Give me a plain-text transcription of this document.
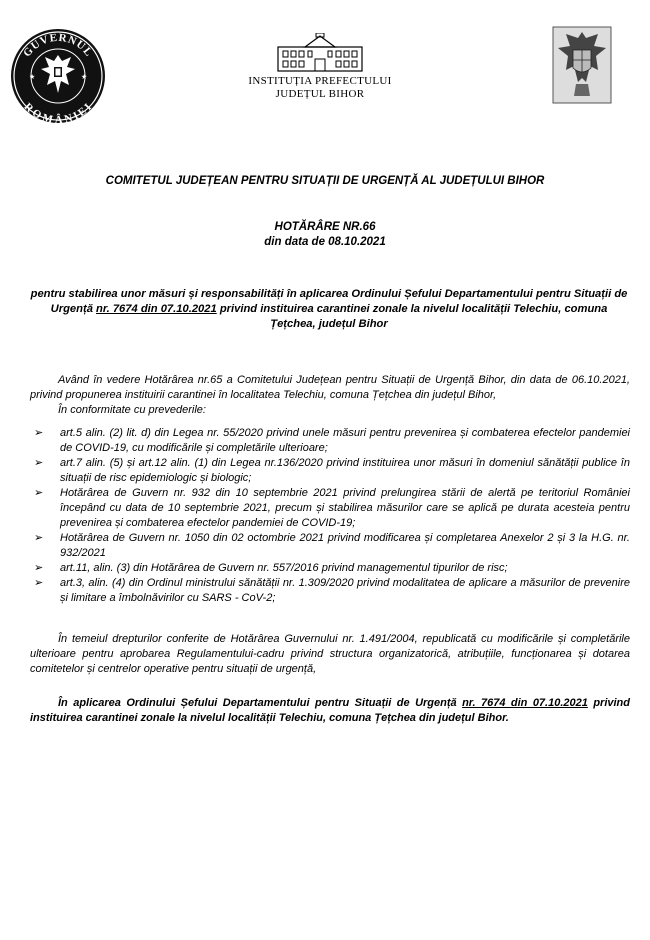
GUVERNUL
ROMÂNIEI
★	★	INSTITUȚIA PREFECTULUI
JUDEȚUL BIHOR
COMITETUL JUDEȚEAN PENTRU SITUAȚII DE URGENȚĂ AL JUDEȚULUI BIHOR
HOTĂRÂRE NR.66
din data de 08.10.2021
pentru stabilirea unor măsuri și responsabilități în aplicarea Ordinului Șefului Departamentului pentru Situații de Urgență nr. 7674 din 07.10.2021 privind instituirea carantinei zonale la nivelul localității Telechiu, comuna Țețchea, județul Bihor
Având în vedere Hotărârea nr.65 a Comitetului Județean pentru Situații de Urgență Bihor, din data de 06.10.2021, privind propunerea instituirii carantinei în localitatea Telechiu, comuna Țețchea din județul Bihor,
În conformitate cu prevederile:
➢ art.5 alin. (2) lit. d) din Legea nr. 55/2020 privind unele măsuri pentru prevenirea și combaterea efectelor pandemiei de COVID-19, cu modificările și completările ulterioare;
➢ art.7 alin. (5) și art.12 alin. (1) din Legea nr.136/2020 privind instituirea unor măsuri în domeniul sănătății publice în situații de risc epidemiologic și biologic;
➢ Hotărârea de Guvern nr. 932 din 10 septembrie 2021 privind prelungirea stării de alertă pe teritoriul României începând cu data de 10 septembrie 2021, precum și stabilirea măsurilor care se aplică pe durata acesteia pentru prevenirea și combaterea efectelor pandemiei de COVID-19;
➢ Hotărârea de Guvern nr. 1050 din 02 octombrie 2021 privind modificarea și completarea Anexelor 2 și 3 la H.G. nr. 932/2021
➢ art.11, alin. (3) din Hotărârea de Guvern nr. 557/2016 privind managementul tipurilor de risc;
➢ art.3, alin. (4) din Ordinul ministrului sănătății nr. 1.309/2020 privind modalitatea de aplicare a măsurilor de prevenire și limitare a îmbolnăvirilor cu SARS - CoV-2;
În temeiul drepturilor conferite de Hotărârea Guvernului nr. 1.491/2004, republicată cu modificările și completările ulterioare pentru aprobarea Regulamentului-cadru privind structura organizatorică, atribuțiile, funcționarea și dotarea comitetelor și centrelor operative pentru situații de urgență,
În aplicarea Ordinului Șefului Departamentului pentru Situații de Urgență nr. 7674 din 07.10.2021 privind instituirea carantinei zonale la nivelul localității Telechiu, comuna Țețchea din județul Bihor.
